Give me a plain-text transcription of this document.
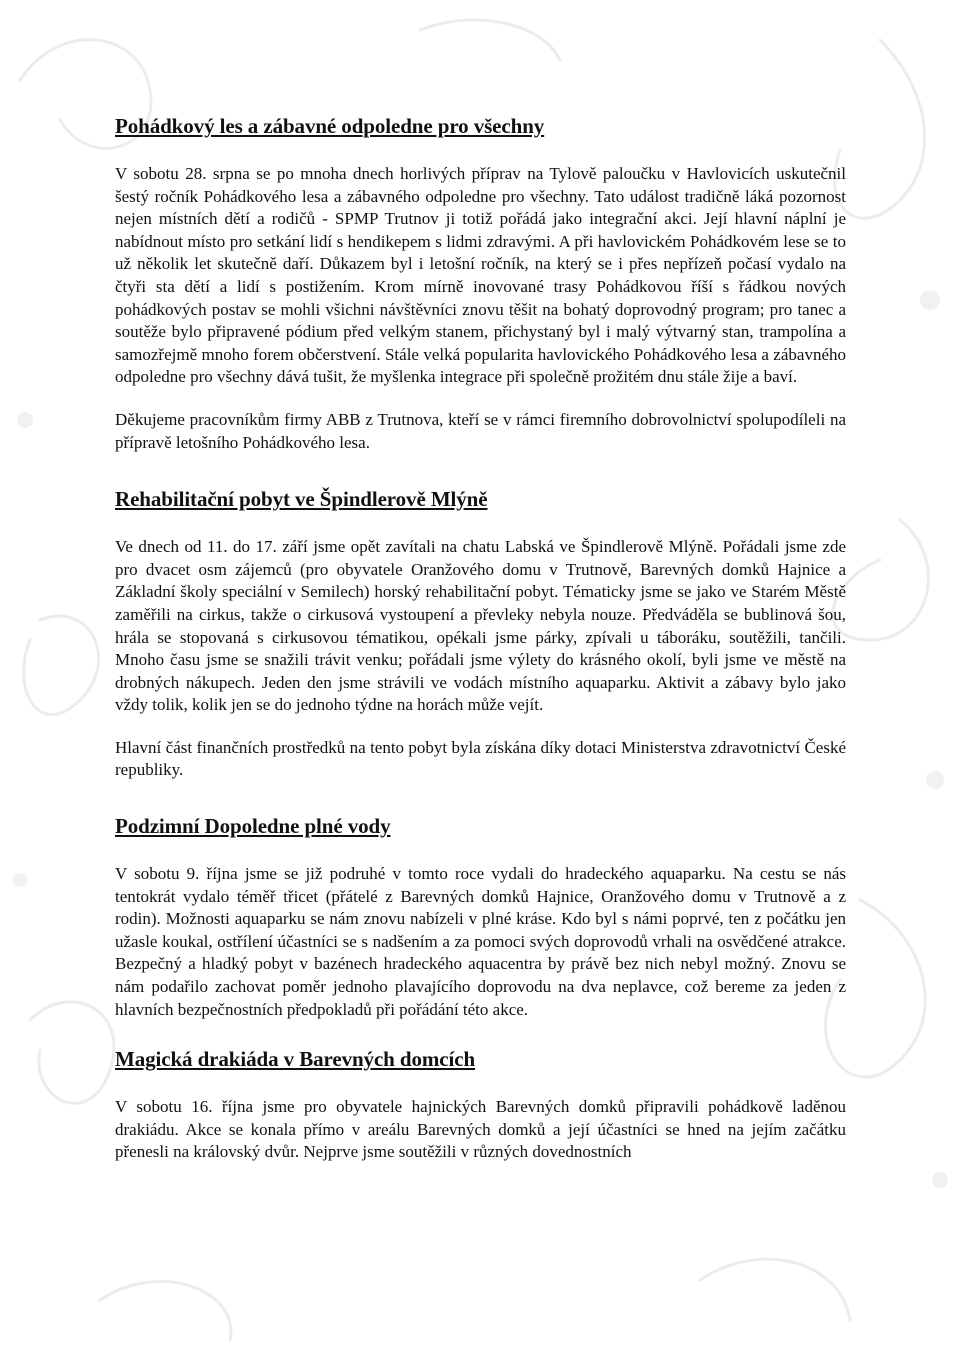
Pohádkový les a zábavné odpoledne pro všechny

V sobotu 28. srpna se po mnoha dnech horlivých příprav na Tylově paloučku v Havlovicích uskutečnil šestý ročník Pohádkového lesa a zábavného odpoledne pro všechny. Tato událost tradičně láká pozornost nejen místních dětí a rodičů - SPMP Trutnov ji totiž pořádá jako integrační akci. Její hlavní náplní je nabídnout místo pro setkání lidí s hendikepem s lidmi zdravými. A při havlovickém Pohádkovém lese se to už několik let skutečně daří. Důkazem byl i letošní ročník, na který se i přes nepřízeň počasí vydalo na čtyři sta dětí a lidí s postižením. Krom mírně inovované trasy Pohádkovou říší s řádkou nových pohádkových postav se mohli všichni návštěvníci znovu těšit na bohatý doprovodný program; pro tanec a soutěže bylo připravené pódium před velkým stanem, přichystaný byl i malý výtvarný stan, trampolína a samozřejmě mnoho forem občerstvení. Stále velká popularita havlovického Pohádkového lesa a zábavného odpoledne pro všechny dává tušit, že myšlenka integrace při společně prožitém dnu stále žije a baví.

Děkujeme pracovníkům firmy ABB z Trutnova, kteří se v rámci firemního dobrovolnictví spolupodíleli na přípravě letošního Pohádkového lesa.

Rehabilitační pobyt ve Špindlerově Mlýně

Ve dnech od 11. do 17. září jsme opět zavítali na chatu Labská ve Špindlerově Mlýně. Pořádali jsme zde pro dvacet osm zájemců (pro obyvatele Oranžového domu v Trutnově, Barevných domků Hajnice a Základní školy speciální v Semilech) horský rehabilitační pobyt. Tématicky jsme se jako ve Starém Městě zaměřili na cirkus, takže o cirkusová vystoupení a převleky nebyla nouze. Předváděla se bublinová šou, hrála se stopovaná s cirkusovou tématikou, opékali jsme párky, zpívali u táboráku, soutěžili, tančili. Mnoho času jsme se snažili trávit venku; pořádali jsme výlety do krásného okolí, byli jsme ve městě na drobných nákupech. Jeden den jsme strávili ve vodách místního aquaparku. Aktivit a zábavy bylo jako vždy tolik, kolik jen se do jednoho týdne na horách může vejít.

Hlavní část finančních prostředků na tento pobyt byla získána díky dotaci Ministerstva zdravotnictví České republiky.

Podzimní Dopoledne plné vody

V sobotu 9. října jsme se již podruhé v tomto roce vydali do hradeckého aquaparku. Na cestu se nás tentokrát vydalo téměř třicet (přátelé z Barevných domků Hajnice, Oranžového domu v Trutnově a z rodin). Možnosti aquaparku se nám znovu nabízeli v plné kráse. Kdo byl s námi poprvé, ten z počátku jen užasle koukal, ostřílení účastníci se s nadšením a za pomoci svých doprovodů vrhali na osvědčené atrakce. Bezpečný a hladký pobyt v bazénech hradeckého aquacentra by právě bez nich nebyl možný. Znovu se nám podařilo zachovat poměr jednoho plavajícího doprovodu na dva neplavce, což bereme za jeden z hlavních bezpečnostních předpokladů při pořádání této akce.

Magická drakiáda v Barevných domcích

V sobotu 16. října jsme pro obyvatele hajnických Barevných domků připravili pohádkově laděnou drakiádu. Akce se konala přímo v areálu Barevných domků a její účastníci se hned na jejím začátku přenesli na královský dvůr. Nejprve jsme soutěžili v různých dovednostních
